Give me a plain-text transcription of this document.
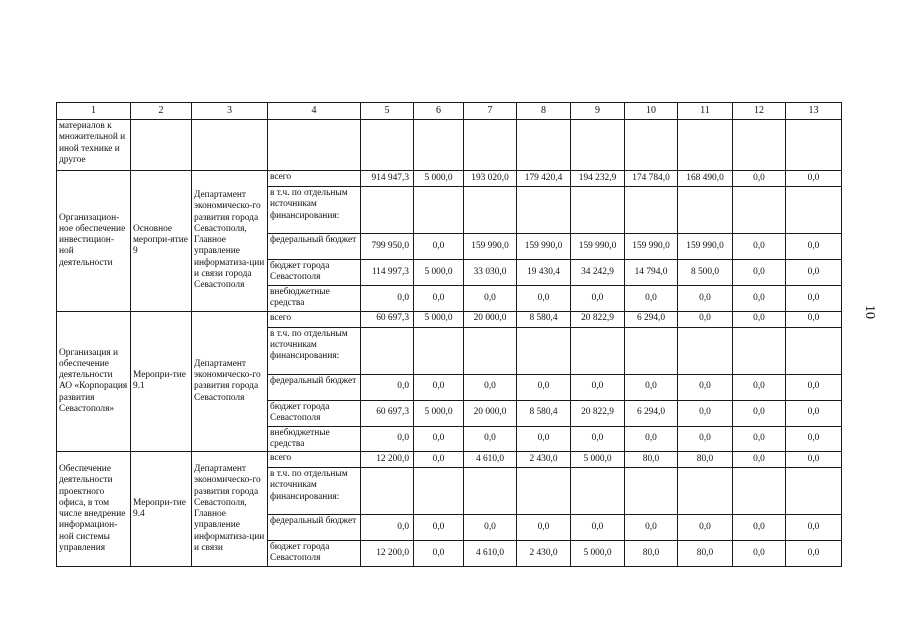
1	2	3	4	5	6	7	8	9	10	11	12	13
материалов к множительной и иной технике и другое												
Организацион-ное обеспечение инвестицион-ной деятельности	Основное меропри-ятие 9	Департамент экономическо-го развития города Севастополя, Главное управление информатиза-ции и связи города Севастополя	всего	914 947,3	5 000,0	193 020,0	179 420,4	194 232,9	174 784,0	168 490,0	0,0	0,0
			в т.ч. по отдельным источникам финансирования:									
			федеральный бюджет	799 950,0	0,0	159 990,0	159 990,0	159 990,0	159 990,0	159 990,0	0,0	0,0
			бюджет города Севастополя	114 997,3	5 000,0	33 030,0	19 430,4	34 242,9	14 794,0	8 500,0	0,0	0,0
			внебюджетные средства	0,0	0,0	0,0	0,0	0,0	0,0	0,0	0,0	0,0
Организация и обеспечение деятельности АО «Корпорация развития Севастополя»	Меропри-тие 9.1	Департамент экономическо-го развития города Севастополя	всего	60 697,3	5 000,0	20 000,0	8 580,4	20 822,9	6 294,0	0,0	0,0	0,0
			в т.ч. по отдельным источникам финансирования:									
			федеральный бюджет	0,0	0,0	0,0	0,0	0,0	0,0	0,0	0,0	0,0
			бюджет города Севастополя	60 697,3	5 000,0	20 000,0	8 580,4	20 822,9	6 294,0	0,0	0,0	0,0
			внебюджетные средства	0,0	0,0	0,0	0,0	0,0	0,0	0,0	0,0	0,0
Обеспечение деятельности проектного офиса, в том числе внедрение информацион-ной системы управления	Меропри-тие 9.4	Департамент экономическо-го развития города Севастополя, Главное управление информатиза-ции и связи	всего	12 200,0	0,0	4 610,0	2 430,0	5 000,0	80,0	80,0	0,0	0,0
			в т.ч. по отдельным источникам финансирования:									
			федеральный бюджет	0,0	0,0	0,0	0,0	0,0	0,0	0,0	0,0	0,0
			бюджет города Севастополя	12 200,0	0,0	4 610,0	2 430,0	5 000,0	80,0	80,0	0,0	0,0
10
